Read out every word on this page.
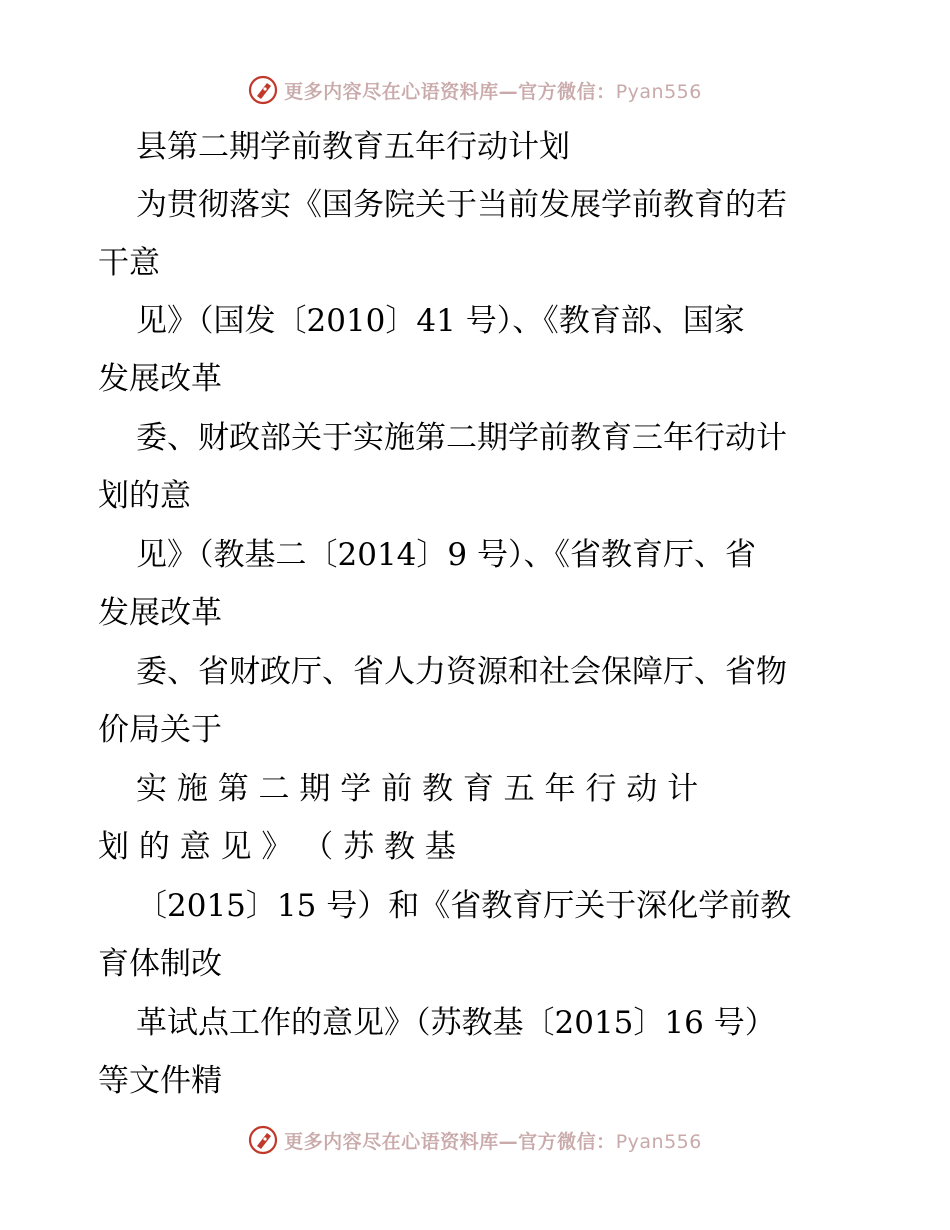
更多内容尽在心语资料库—官方微信：Pyan556
县第二期学前教育五年行动计划
为贯彻落实《国务院关于当前发展学前教育的若
干意
见》（国发〔2010〕41 号）、《教育部、国家
发展改革
委、财政部关于实施第二期学前教育三年行动计
划的意
见》（教基二〔2014〕9 号）、《省教育厅、省
发展改革
委、省财政厅、省人力资源和社会保障厅、省物
价局关于
实 施 第 二 期 学 前 教 育 五 年 行 动 计
划 的 意 见 》 （ 苏 教 基
〔2015〕15 号）和《省教育厅关于深化学前教
育体制改
革试点工作的意见》（苏教基〔2015〕16 号）
等文件精
更多内容尽在心语资料库—官方微信：Pyan556
